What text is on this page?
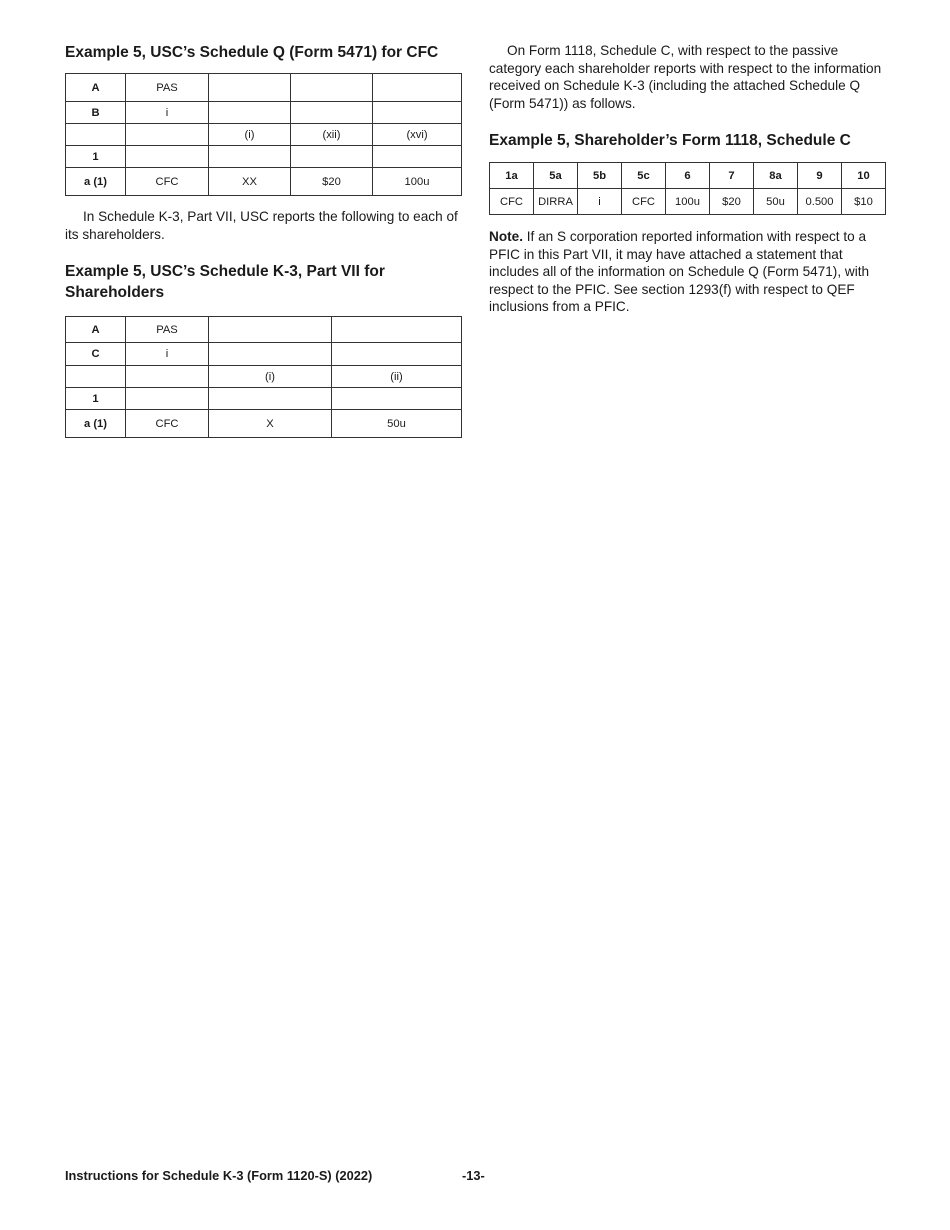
Example 5, USC’s Schedule Q (Form 5471) for CFC
A	PAS			
B	i			
		(i)	(xii)	(xvi)
1				
a (1)	CFC	XX	$20	100u

In Schedule K-3, Part VII, USC reports the following to each of its shareholders.

Example 5, USC’s Schedule K-3, Part VII for Shareholders
A	PAS		
C	i		
		(i)	(ii)
1			
a (1)	CFC	X	50u

On Form 1118, Schedule C, with respect to the passive category each shareholder reports with respect to the information received on Schedule K-3 (including the attached Schedule Q (Form 5471)) as follows.

Example 5, Shareholder’s Form 1118, Schedule C
1a	5a	5b	5c	6	7	8a	9	10
CFC	DIRRA	i	CFC	100u	$20	50u	0.500	$10

Note. If an S corporation reported information with respect to a PFIC in this Part VII, it may have attached a statement that includes all of the information on Schedule Q (Form 5471), with respect to the PFIC. See section 1293(f) with respect to QEF inclusions from a PFIC.

Instructions for Schedule K-3 (Form 1120-S) (2022)	-13-
